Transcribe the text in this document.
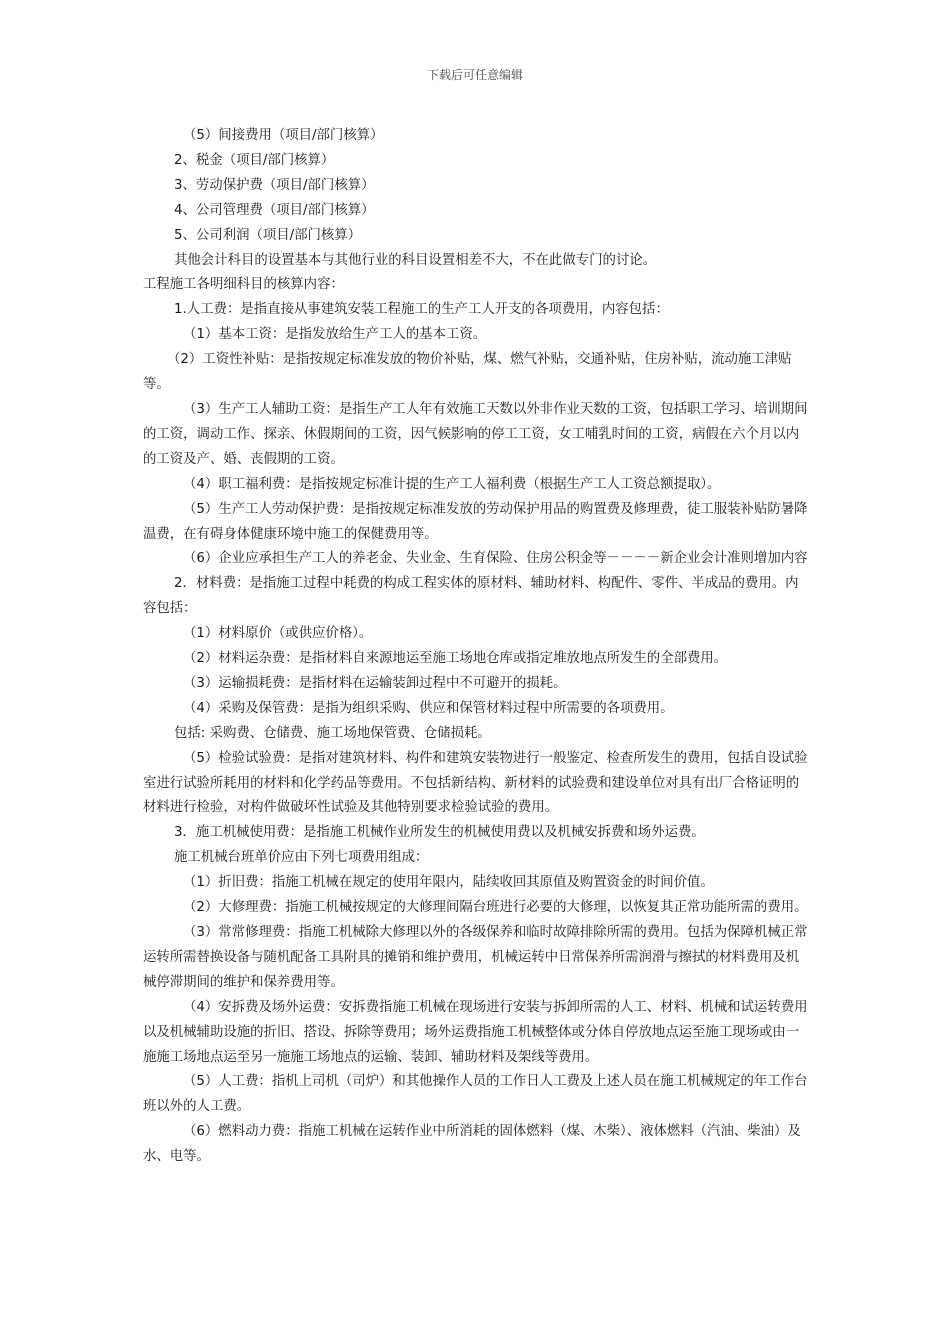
下载后可任意编辑

（5）间接费用（项目/部门核算）

2、税金（项目/部门核算）

3、劳动保护费（项目/部门核算）

4、公司管理费（项目/部门核算）

5、公司利润（项目/部门核算）

其他会计科目的设置基本与其他行业的科目设置相差不大，不在此做专门的讨论。

工程施工各明细科目的核算内容：

1.人工费：是指直接从事建筑安装工程施工的生产工人开支的各项费用，内容包括：

（1）基本工资：是指发放给生产工人的基本工资。

（2）工资性补贴：是指按规定标准发放的物价补贴，煤、燃气补贴，交通补贴，住房补贴，流动施工津贴等。

（3）生产工人辅助工资：是指生产工人年有效施工天数以外非作业天数的工资，包括职工学习、培训期间的工资，调动工作、探亲、休假期间的工资，因气候影响的停工工资，女工哺乳时间的工资，病假在六个月以内的工资及产、婚、丧假期的工资。

（4）职工福利费：是指按规定标准计提的生产工人福利费（根据生产工人工资总额提取）。

（5）生产工人劳动保护费：是指按规定标准发放的劳动保护用品的购置费及修理费，徒工服装补贴防暑降温费，在有碍身体健康环境中施工的保健费用等。

（6）企业应承担生产工人的养老金、失业金、生育保险、住房公积金等－－－－新企业会计准则增加内容

2．材料费：是指施工过程中耗费的构成工程实体的原材料、辅助材料、构配件、零件、半成品的费用。内容包括：

（1）材料原价（或供应价格）。

（2）材料运杂费：是指材料自来源地运至施工场地仓库或指定堆放地点所发生的全部费用。

（3）运输损耗费：是指材料在运输装卸过程中不可避开的损耗。

（4）采购及保管费：是指为组织采购、供应和保管材料过程中所需要的各项费用。

包括: 采购费、仓储费、施工场地保管费、仓储损耗。

（5）检验试验费：是指对建筑材料、构件和建筑安装物进行一般鉴定、检查所发生的费用，包括自设试验室进行试验所耗用的材料和化学药品等费用。不包括新结构、新材料的试验费和建设单位对具有出厂合格证明的材料进行检验，对构件做破坏性试验及其他特别要求检验试验的费用。

3．施工机械使用费：是指施工机械作业所发生的机械使用费以及机械安拆费和场外运费。

施工机械台班单价应由下列七项费用组成：

（1）折旧费：指施工机械在规定的使用年限内，陆续收回其原值及购置资金的时间价值。

（2）大修理费：指施工机械按规定的大修理间隔台班进行必要的大修理，以恢复其正常功能所需的费用。

（3）常常修理费：指施工机械除大修理以外的各级保养和临时故障排除所需的费用。包括为保障机械正常运转所需替换设备与随机配备工具附具的摊销和维护费用，机械运转中日常保养所需润滑与擦拭的材料费用及机械停滞期间的维护和保养费用等。

（4）安拆费及场外运费：安拆费指施工机械在现场进行安装与拆卸所需的人工、材料、机械和试运转费用以及机械辅助设施的折旧、搭设、拆除等费用；场外运费指施工机械整体或分体自停放地点运至施工现场或由一施施工场地点运至另一施施工场地点的运输、装卸、辅助材料及架线等费用。

（5）人工费：指机上司机（司炉）和其他操作人员的工作日人工费及上述人员在施工机械规定的年工作台班以外的人工费。

（6）燃料动力费：指施工机械在运转作业中所消耗的固体燃料（煤、木柴）、液体燃料（汽油、柴油）及水、电等。
